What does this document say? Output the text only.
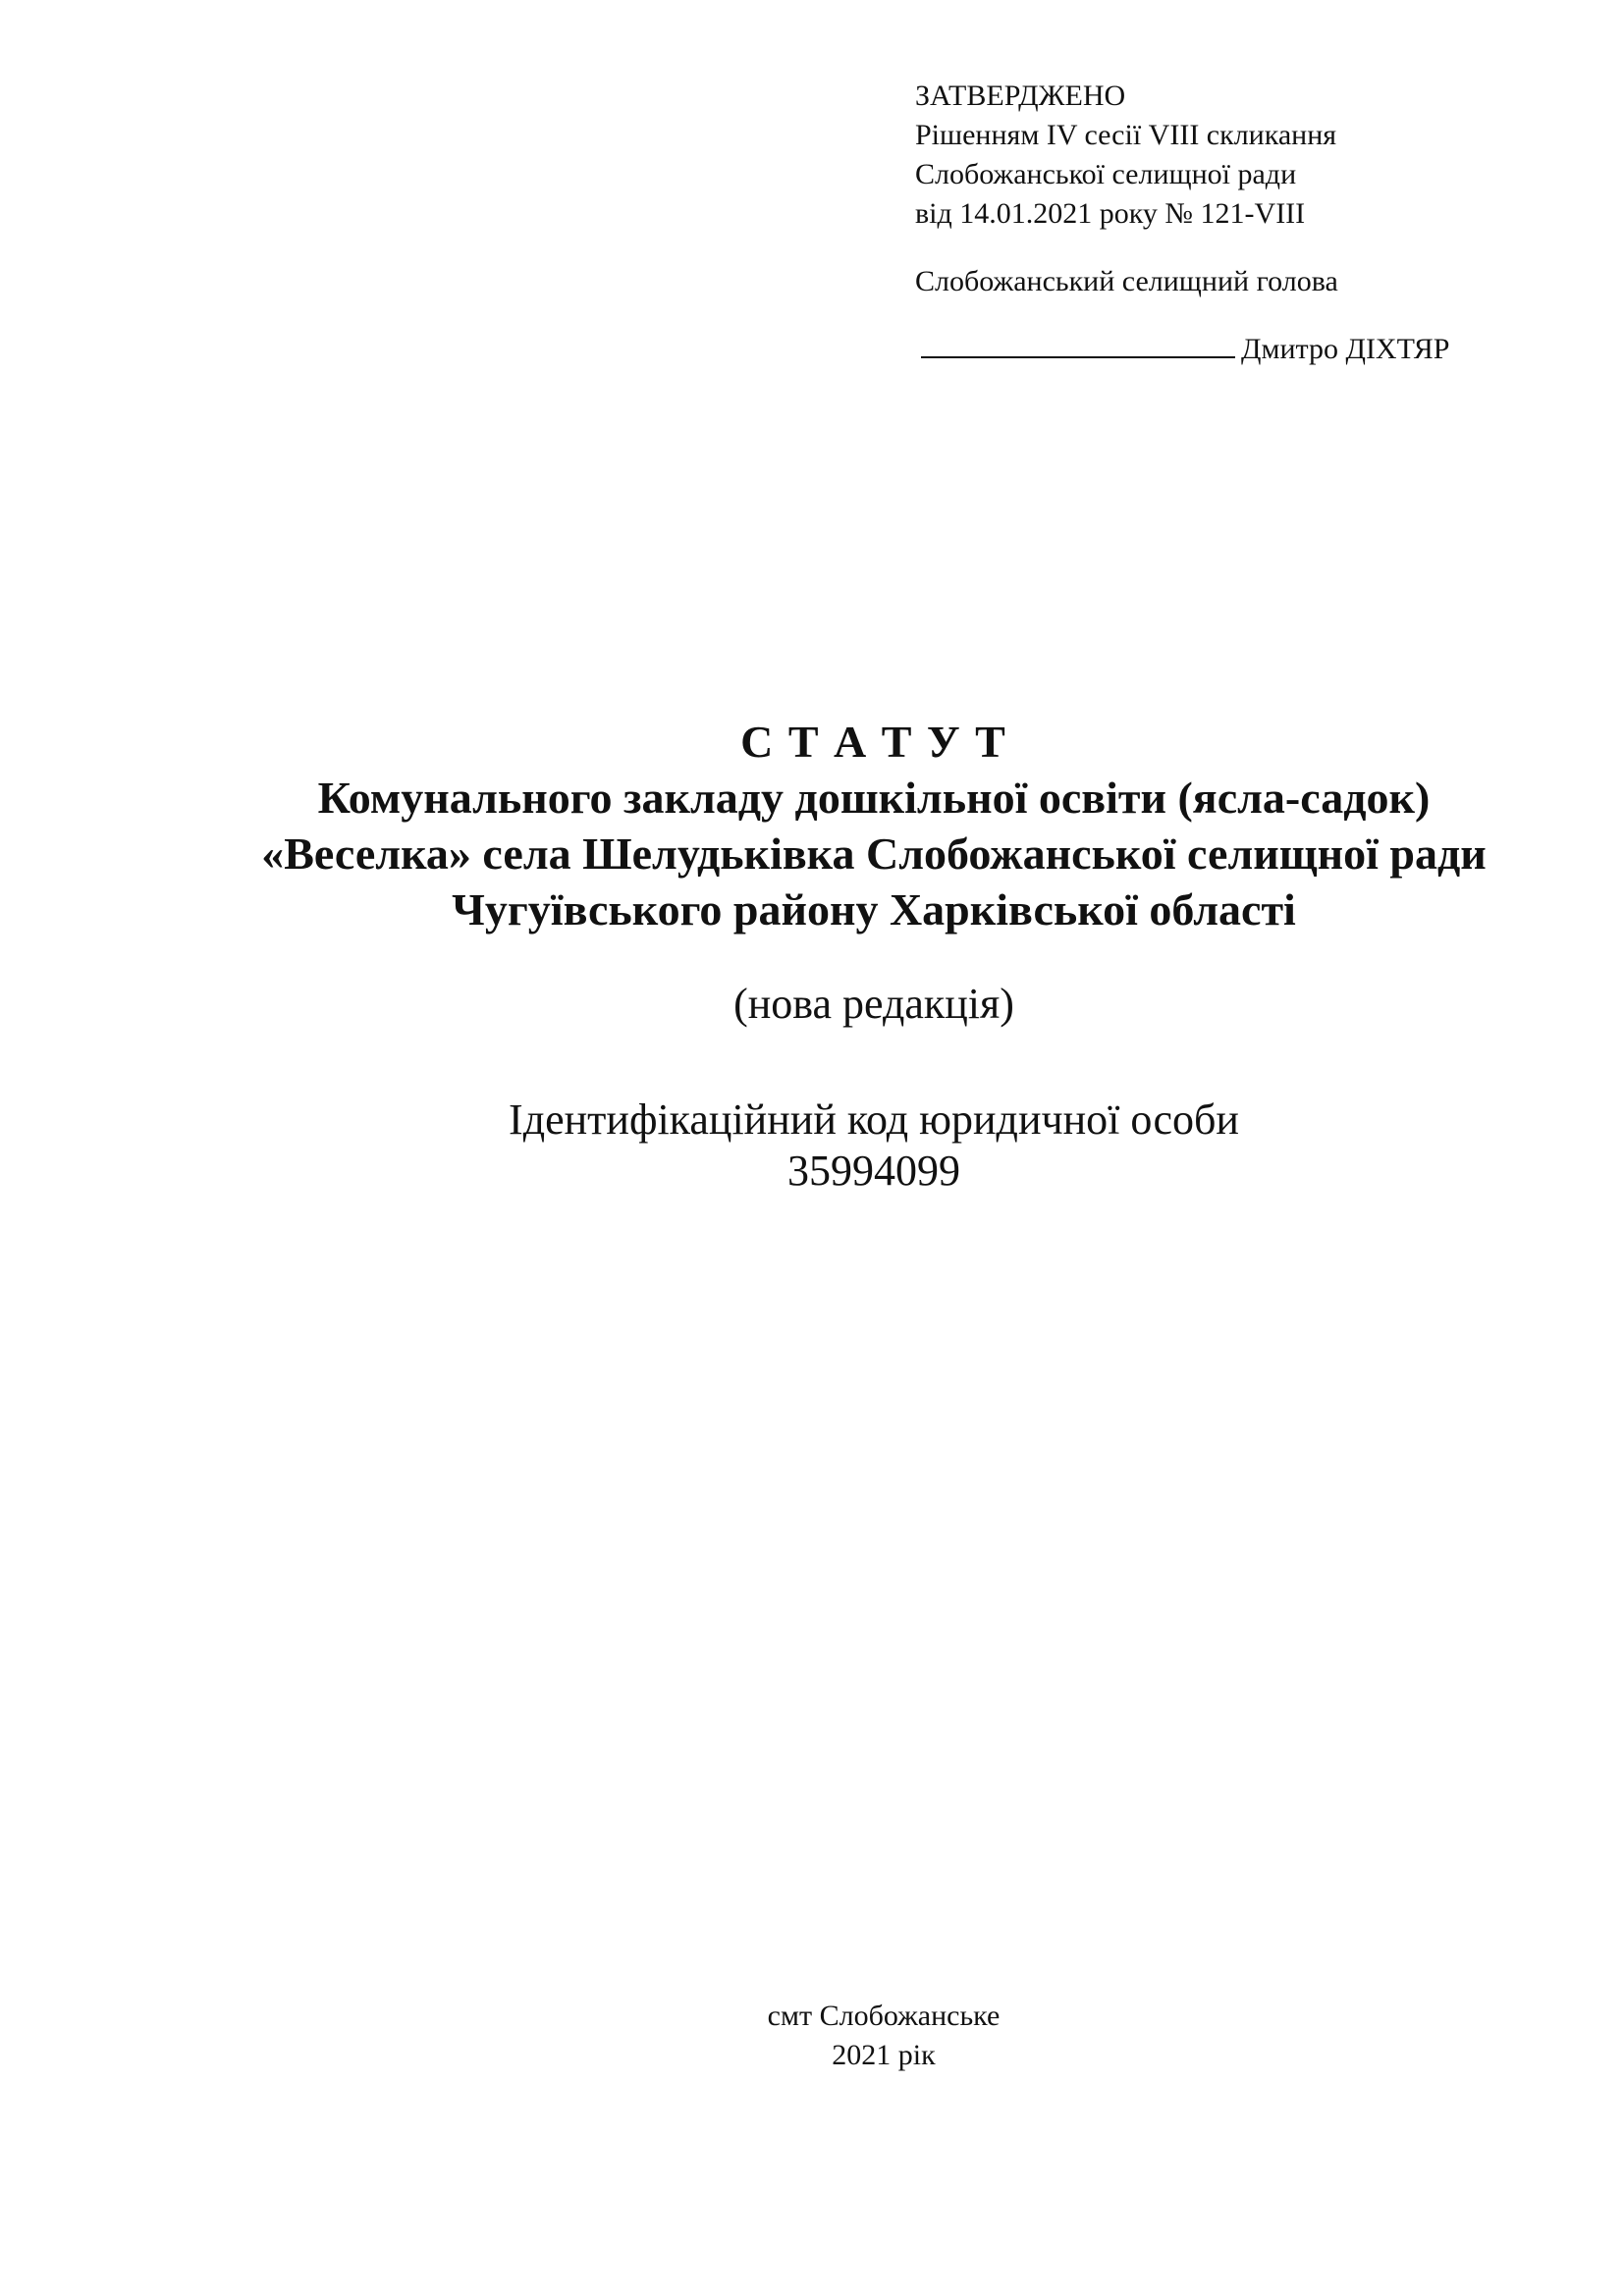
ЗАТВЕРДЖЕНО
Рішенням IV сесії VIII скликання
Слобожанської селищної ради
від 14.01.2021 року № 121-VIII
Слобожанський селищний голова
Дмитро ДІХТЯР
С Т А Т У Т

Комунального закладу дошкільної освіти (ясла-садок)

«Веселка» села Шелудьківка Слобожанської селищної ради

Чугуївського району Харківської області

(нова редакція)
Ідентифікаційний код юридичної особи
35994099
смт Слобожанське
2021 рік
